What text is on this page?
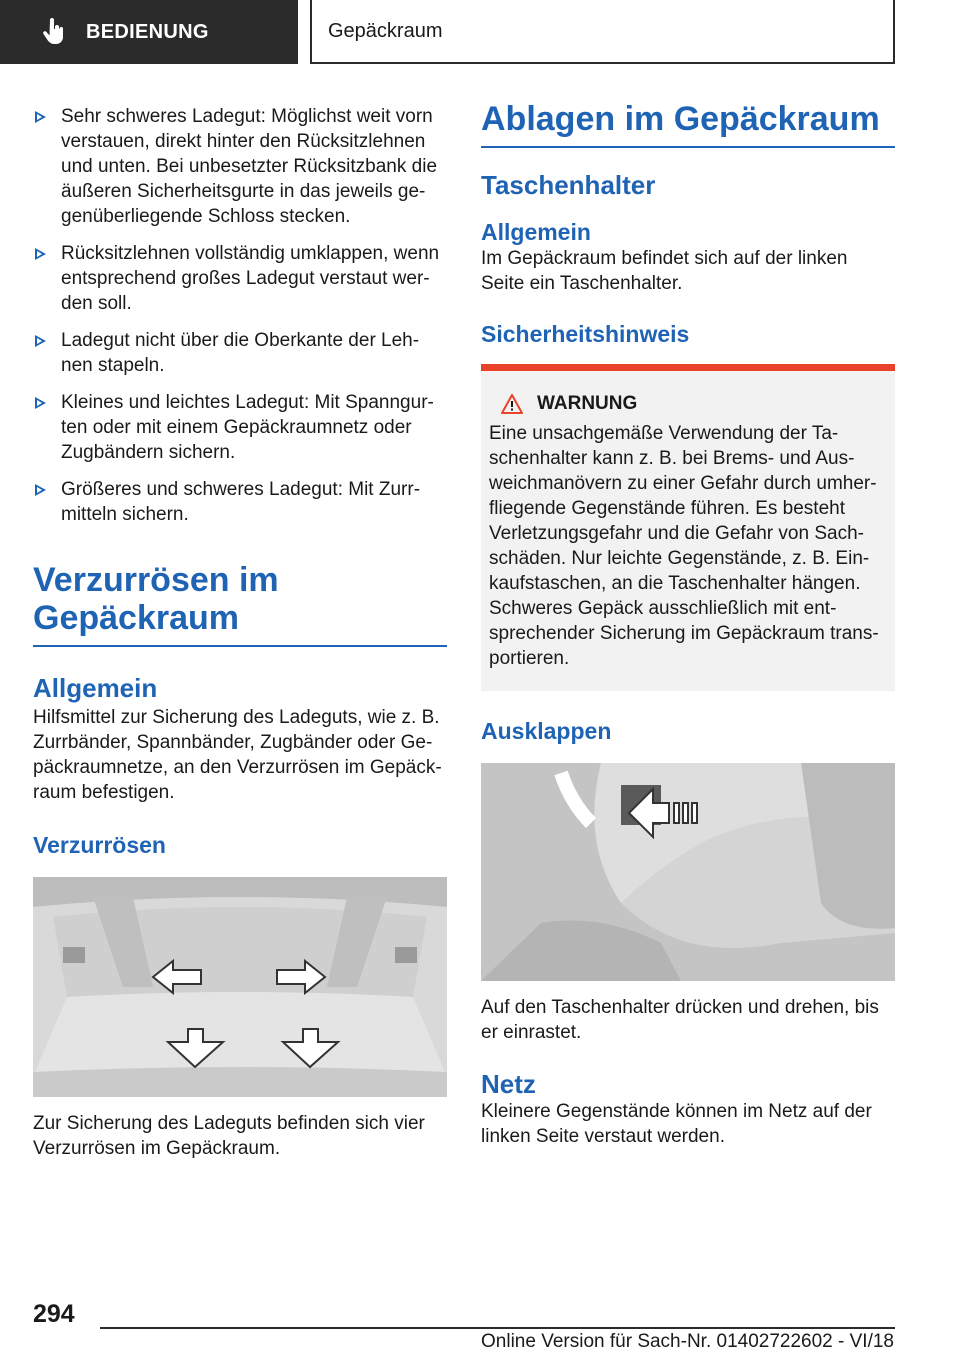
BEDIENUNG	Gepäckraum
Sehr schweres Ladegut: Möglichst weit vorn verstauen, direkt hinter den Rücksitzlehnen und unten. Bei unbesetzter Rücksitzbank die äußeren Sicherheitsgurte in das jeweils ge‐genüberliegende Schloss stecken.
Rücksitzlehnen vollständig umklappen, wenn entsprechend großes Ladegut verstaut wer‐den soll.
Ladegut nicht über die Oberkante der Leh‐nen stapeln.
Kleines und leichtes Ladegut: Mit Spanngur‐ten oder mit einem Gepäckraumnetz oder Zugbändern sichern.
Größeres und schweres Ladegut: Mit Zurr‐mitteln sichern.
Verzurrösen im Gepäckraum
Allgemein

Hilfsmittel zur Sicherung des Ladeguts, wie z. B. Zurrbänder, Spannbänder, Zugbänder oder Ge‐päckraumnetze, an den Verzurrösen im Gepäck‐raum befestigen.

Verzurrösen

Zur Sicherung des Ladeguts befinden sich vier Verzurrösen im Gepäckraum.

Ablagen im Gepäckraum
Taschenhalter
Allgemein

Im Gepäckraum befindet sich auf der linken Seite ein Taschenhalter.

Sicherheitshinweis
WARNUNG

Eine unsachgemäße Verwendung der Ta‐schenhalter kann z. B. bei Brems- und Aus‐weichmanövern zu einer Gefahr durch umher‐fliegende Gegenstände führen. Es besteht Verletzungsgefahr und die Gefahr von Sach‐schäden. Nur leichte Gegenstände, z. B. Ein‐kaufstaschen, an die Taschenhalter hängen. Schweres Gepäck ausschließlich mit ent‐sprechender Sicherung im Gepäckraum trans‐portieren.

Ausklappen

Auf den Taschenhalter drücken und drehen, bis er einrastet.

Netz

Kleinere Gegenstände können im Netz auf der linken Seite verstaut werden.

294
Online Version für Sach-Nr. 01402722602 - VI/18
